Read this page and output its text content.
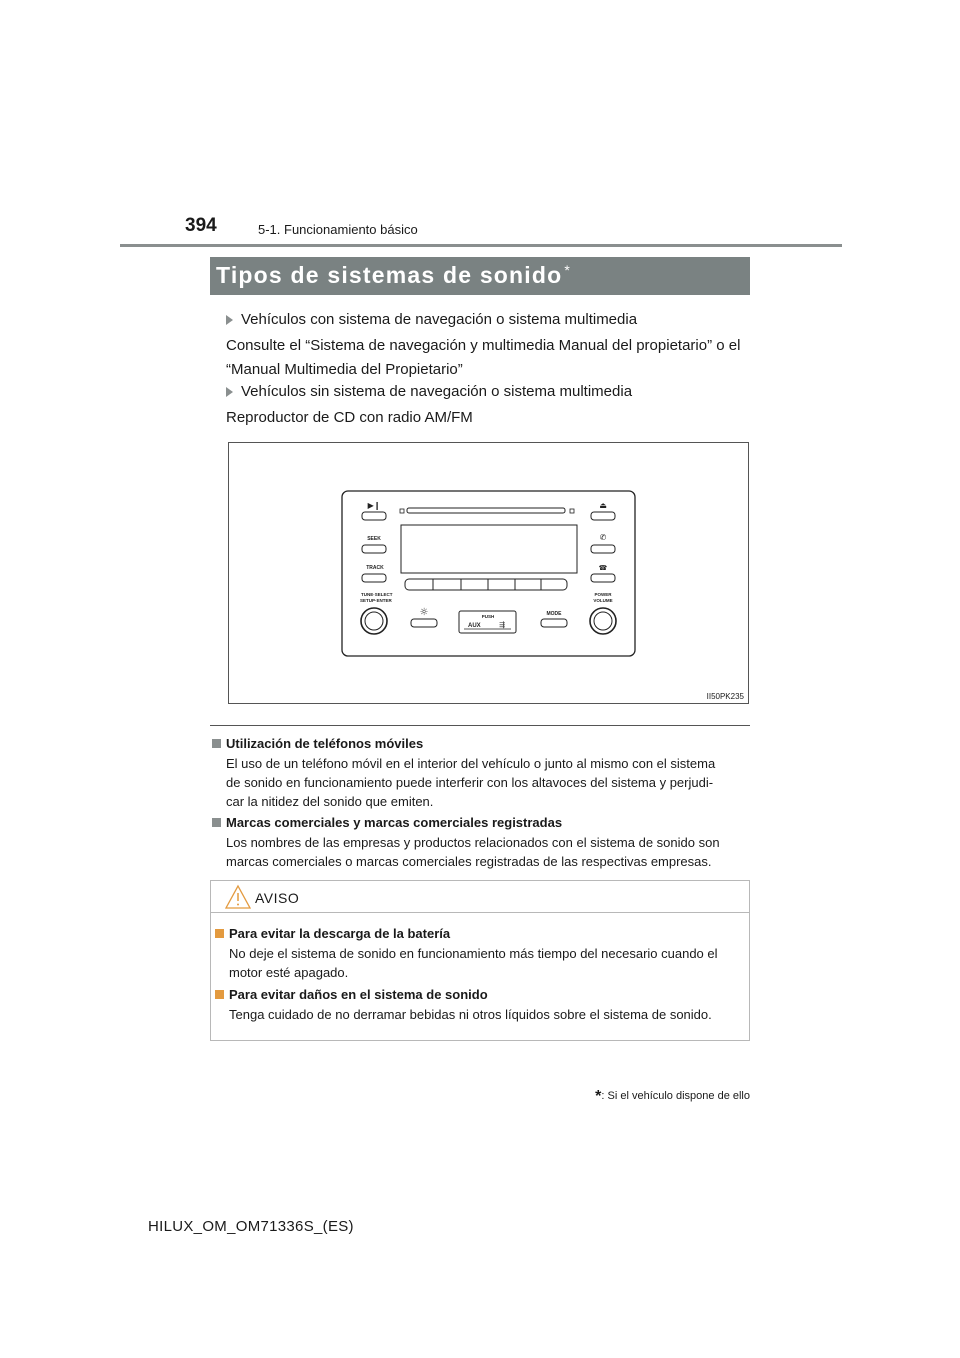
394	5-1. Funcionamiento básico
Tipos de sistemas de sonido *
Vehículos con sistema de navegación o sistema multimedia
Consulte el “Sistema de navegación y multimedia Manual del propietario” o el
“Manual Multimedia del Propietario”
Vehículos sin sistema de navegación o sistema multimedia
Reproductor de CD con radio AM/FM
▶❙
SEEK
TRACK
TUNE·SELECT
SETUP·ENTER
⏏
✆
☎
POWER
VOLUME
☼	PUSH
AUX	⇶
MODE
II50PK235
Utilización de teléfonos móviles
El uso de un teléfono móvil en el interior del vehículo o junto al mismo con el sistema
de sonido en funcionamiento puede interferir con los altavoces del sistema y perjudi-
car la nitidez del sonido que emiten.
Marcas comerciales y marcas comerciales registradas
Los nombres de las empresas y productos relacionados con el sistema de sonido son
marcas comerciales o marcas comerciales registradas de las respectivas empresas.
AVISO
Para evitar la descarga de la batería
No deje el sistema de sonido en funcionamiento más tiempo del necesario cuando el
motor esté apagado.
Para evitar daños en el sistema de sonido
Tenga cuidado de no derramar bebidas ni otros líquidos sobre el sistema de sonido.
*: Si el vehículo dispone de ello
HILUX_OM_OM71336S_(ES)
